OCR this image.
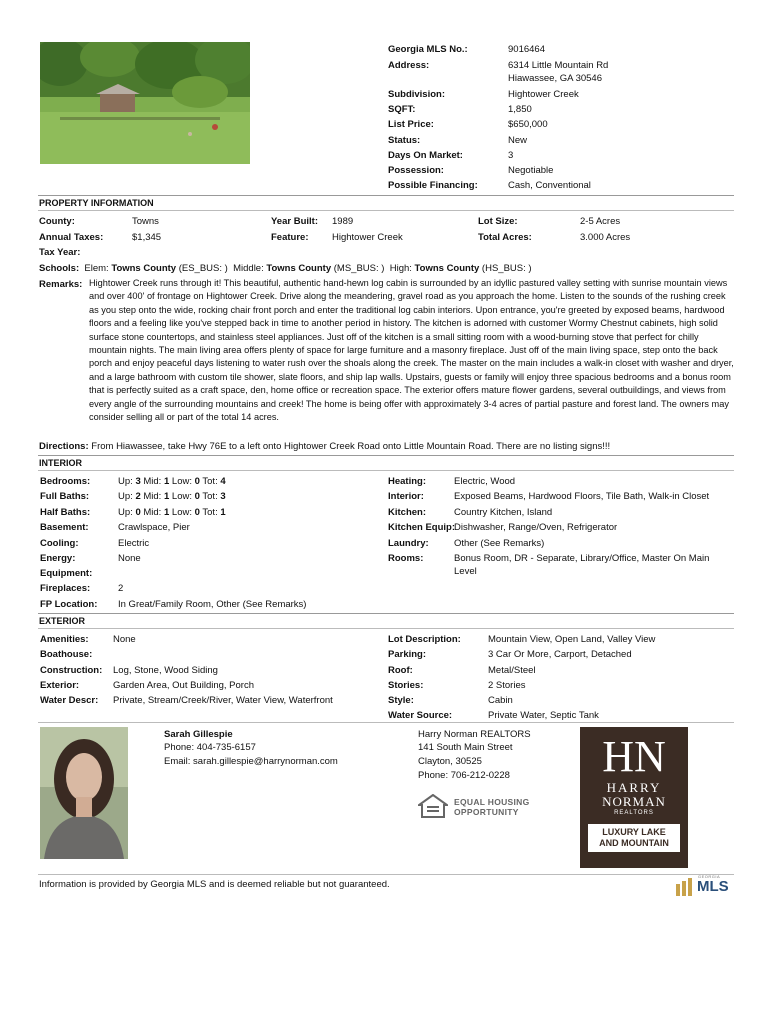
Georgia MLS No.:	9016464
Address:	6314 Little Mountain Rd
Hiawassee, GA 30546
Subdivision:	Hightower Creek
SQFT:	1,850
List Price:	$650,000
Status:	New
Days On Market:	3
Possession:	Negotiable
Possible Financing:	Cash, Conventional
PROPERTY INFORMATION
County:	Towns	Year Built: 1989	Lot Size:	2-5 Acres
Annual Taxes:	$1,345	Feature: Hightower Creek	Total Acres:	3.000 Acres
Tax Year:
Schools: Elem: Towns County (ES_BUS: ) Middle: Towns County (MS_BUS: ) High: Towns County (HS_BUS: )
Remarks: Hightower Creek runs through it! This beautiful, authentic hand-hewn log cabin is surrounded by an idyllic pastured valley setting with sunrise mountain views and over 400' of frontage on Hightower Creek. Drive along the meandering, gravel road as you approach the home. Listen to the sounds of the rushing creek as you step onto the wide, rocking chair front porch and enter the traditional log cabin interiors. Upon entrance, you're greeted by exposed beams, hardwood floors and a feeling like you've stepped back in time to another period in history. The kitchen is adorned with customer Wormy Chestnut cabinets, high solid surface stone countertops, and stainless steel appliances. Just off of the kitchen is a small sitting room with a wood-burning stove that perfect for chilly mountain nights. The main living area offers plenty of space for large furniture and a masonry fireplace. Just off of the main living space, step onto the back porch and enjoy peaceful days listening to water rush over the shoals along the creek. The master on the main includes a walk-in closet with washer and dryer, and a large bathroom with custom tile shower, slate floors, and ship lap walls. Upstairs, guests or family will enjoy three spacious bedrooms and a bonus room that is perfectly suited as a craft space, den, home office or recreation space. The exterior offers mature flower gardens, several outbuildings, and views from every angle of the surrounding mountains and creek! The home is being offer with approximately 3-4 acres of partial pasture and forest land. The owners may consider selling all or part of the total 14 acres.
Directions: From Hiawassee, take Hwy 76E to a left onto Hightower Creek Road onto Little Mountain Road. There are no listing signs!!!
INTERIOR
Bedrooms:	Up: 3 Mid: 1 Low: 0 Tot: 4
Full Baths:	Up: 2 Mid: 1 Low: 0 Tot: 3
Half Baths:	Up: 0 Mid: 1 Low: 0 Tot: 1
Basement:	Crawlspace, Pier
Cooling:	Electric
Energy:	None
Equipment:
Fireplaces:	2
FP Location: In Great/Family Room, Other (See Remarks)
Heating:	Electric, Wood
Interior:	Exposed Beams, Hardwood Floors, Tile Bath, Walk-in Closet
Kitchen:	Country Kitchen, Island
Kitchen Equip:
Dishwasher, Range/Oven, Refrigerator
Laundry:	Other (See Remarks)
Rooms:	Bonus Room, DR - Separate, Library/Office, Master On Main
Level
EXTERIOR
Amenities:	None
Boathouse:
Construction: Log, Stone, Wood Siding
Exterior:	Garden Area, Out Building, Porch
Water Descr: Private, Stream/Creek/River, Water View, Waterfront
Lot Description:	Mountain View, Open Land, Valley View
Parking:	3 Car Or More, Carport, Detached
Roof:	Metal/Steel
Stories:	2 Stories
Style:	Cabin
Water Source:	Private Water, Septic Tank
Sarah Gillespie
Phone: 404-735-6157
Email: sarah.gillespie@harrynorman.com
Harry Norman REALTORS
141 South Main Street
Clayton, 30525
Phone: 706-212-0228
EQUAL HOUSING
OPPORTUNITY
HN
HARRY
NORMAN
REALTORS
LUXURY LAKE
AND MOUNTAIN
Information is provided by Georgia MLS and is deemed reliable but not guaranteed.
GEORGIA
MLS
